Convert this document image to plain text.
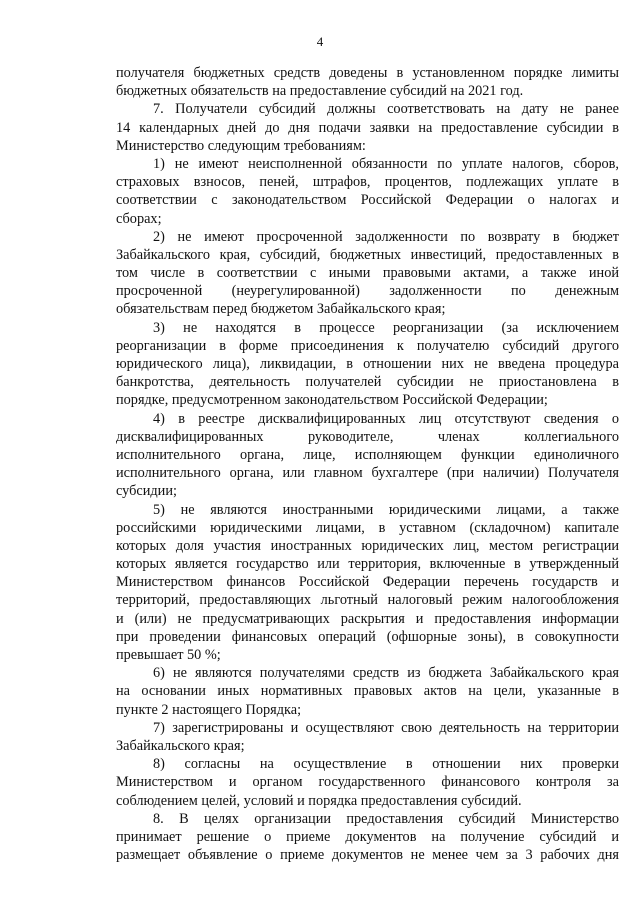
4
получателя бюджетных средств доведены в установленном порядке лимиты
бюджетных обязательств на предоставление субсидий на 2021 год.
7. Получатели субсидий должны соответствовать на дату не ранее
14 календарных дней до дня подачи заявки на предоставление субсидии в
Министерство следующим требованиям:
1) не имеют неисполненной обязанности по уплате налогов, сборов,
страховых взносов, пеней, штрафов, процентов, подлежащих уплате в
соответствии с законодательством Российской Федерации о налогах и
сборах;
2) не имеют просроченной задолженности по возврату в бюджет
Забайкальского края, субсидий, бюджетных инвестиций, предоставленных в
том числе в соответствии с иными правовыми актами, а также иной
просроченной (неурегулированной) задолженности по денежным
обязательствам перед бюджетом Забайкальского края;
3) не находятся в процессе реорганизации (за исключением
реорганизации в форме присоединения к получателю субсидий другого
юридического лица), ликвидации, в отношении них не введена процедура
банкротства, деятельность получателей субсидии не приостановлена в
порядке, предусмотренном законодательством Российской Федерации;
4) в реестре дисквалифицированных лиц отсутствуют сведения о
дисквалифицированных руководителе, членах коллегиального
исполнительного органа, лице, исполняющем функции единоличного
исполнительного органа, или главном бухгалтере (при наличии) Получателя
субсидии;
5) не являются иностранными юридическими лицами, а также
российскими юридическими лицами, в уставном (складочном) капитале
которых доля участия иностранных юридических лиц, местом регистрации
которых является государство или территория, включенные в утвержденный
Министерством финансов Российской Федерации перечень государств и
территорий, предоставляющих льготный налоговый режим налогообложения
и (или) не предусматривающих раскрытия и предоставления информации
при проведении финансовых операций (офшорные зоны), в совокупности
превышает 50 %;
6) не являются получателями средств из бюджета Забайкальского края
на основании иных нормативных правовых актов на цели, указанные в
пункте 2 настоящего Порядка;
7) зарегистрированы и осуществляют свою деятельность на территории
Забайкальского края;
8) согласны на осуществление в отношении них проверки
Министерством и органом государственного финансового контроля за
соблюдением целей, условий и порядка предоставления субсидий.
8. В целях организации предоставления субсидий Министерство
принимает решение о приеме документов на получение субсидий и
размещает объявление о приеме документов не менее чем за 3 рабочих дня
